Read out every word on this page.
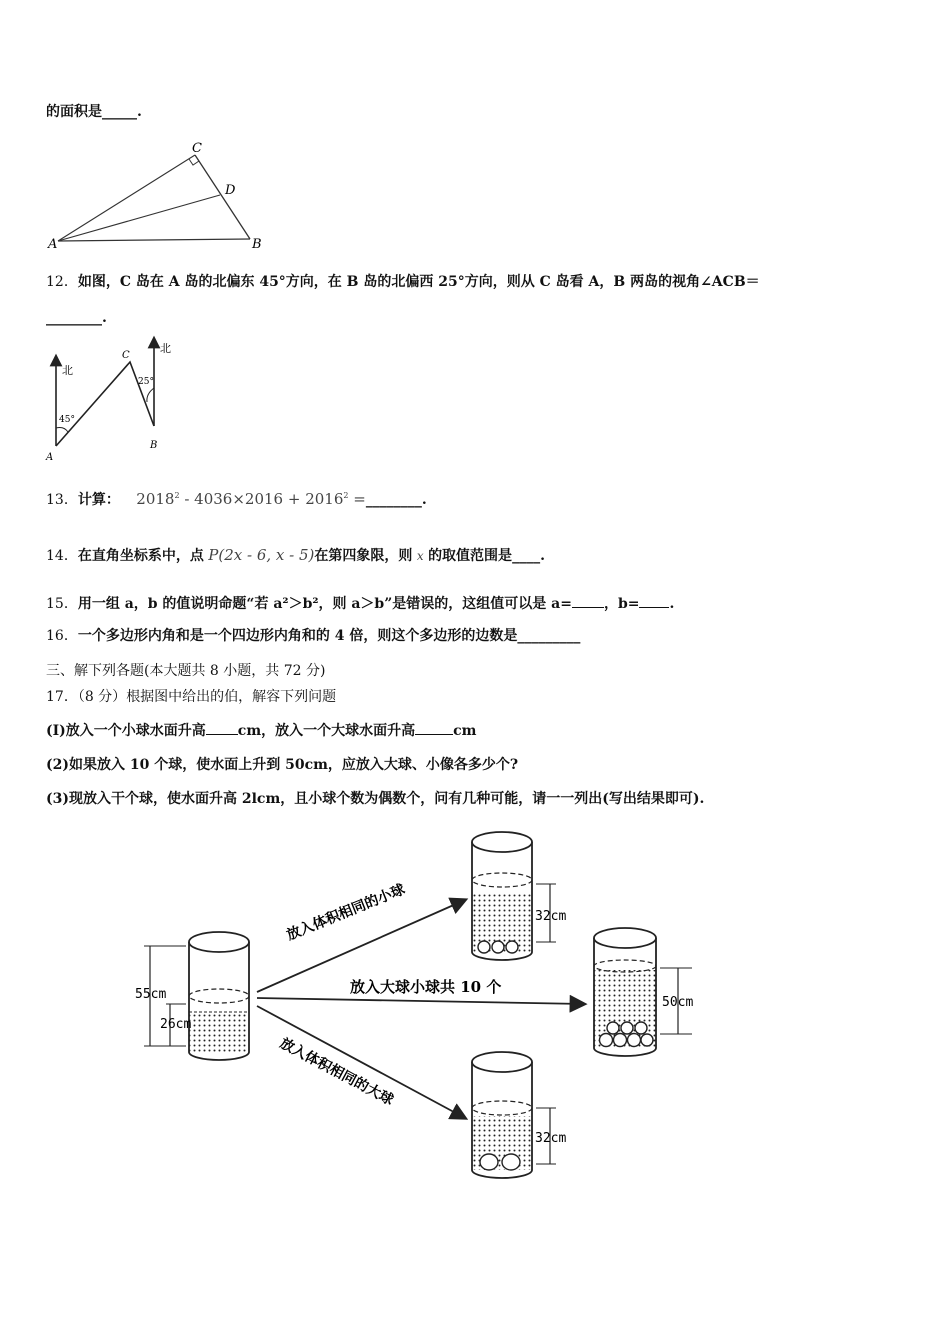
的面积是_____.
A	B
C
D
12．如图，C 岛在 A 岛的北偏东 45°方向，在 B 岛的北偏西 25°方向，则从 C 岛看 A，B 两岛的视角∠ACB＝
________.
北
北
45°
25°
A
B
C
13．计算： $2018^2 - 4036\times 2016 + 2016^2$ =________.
14．在直角坐标系中，点 P(2x - 6, x - 5)在第四象限，则 x 的取值范围是____.
15．用一组 a，b 的值说明命题“若 a²＞b²，则 a＞b”是错误的，这组值可以是 a= ，b= .
16．一个多边形内角和是一个四边形内角和的 4 倍，则这个多边形的边数是_________
三、解下列各题(本大题共 8 小题，共 72 分)
17．（8 分）根据图中给出的伯，解容下列问题
(I)放入一个小球水面升高 cm，放入一个大球水面升高	cm
(2)如果放入 10 个球，使水面上升到 50cm，应放入大球、小像各多少个?
(3)现放入干个球，使水面升高 2lcm，且小球个数为偶数个，问有几种可能，请一一列出(写出结果即可).
55cm
26cm
放入体积相同的小球
放入大球小球共 10 个
放入体积相同的大球
32cm
50cm
32cm
